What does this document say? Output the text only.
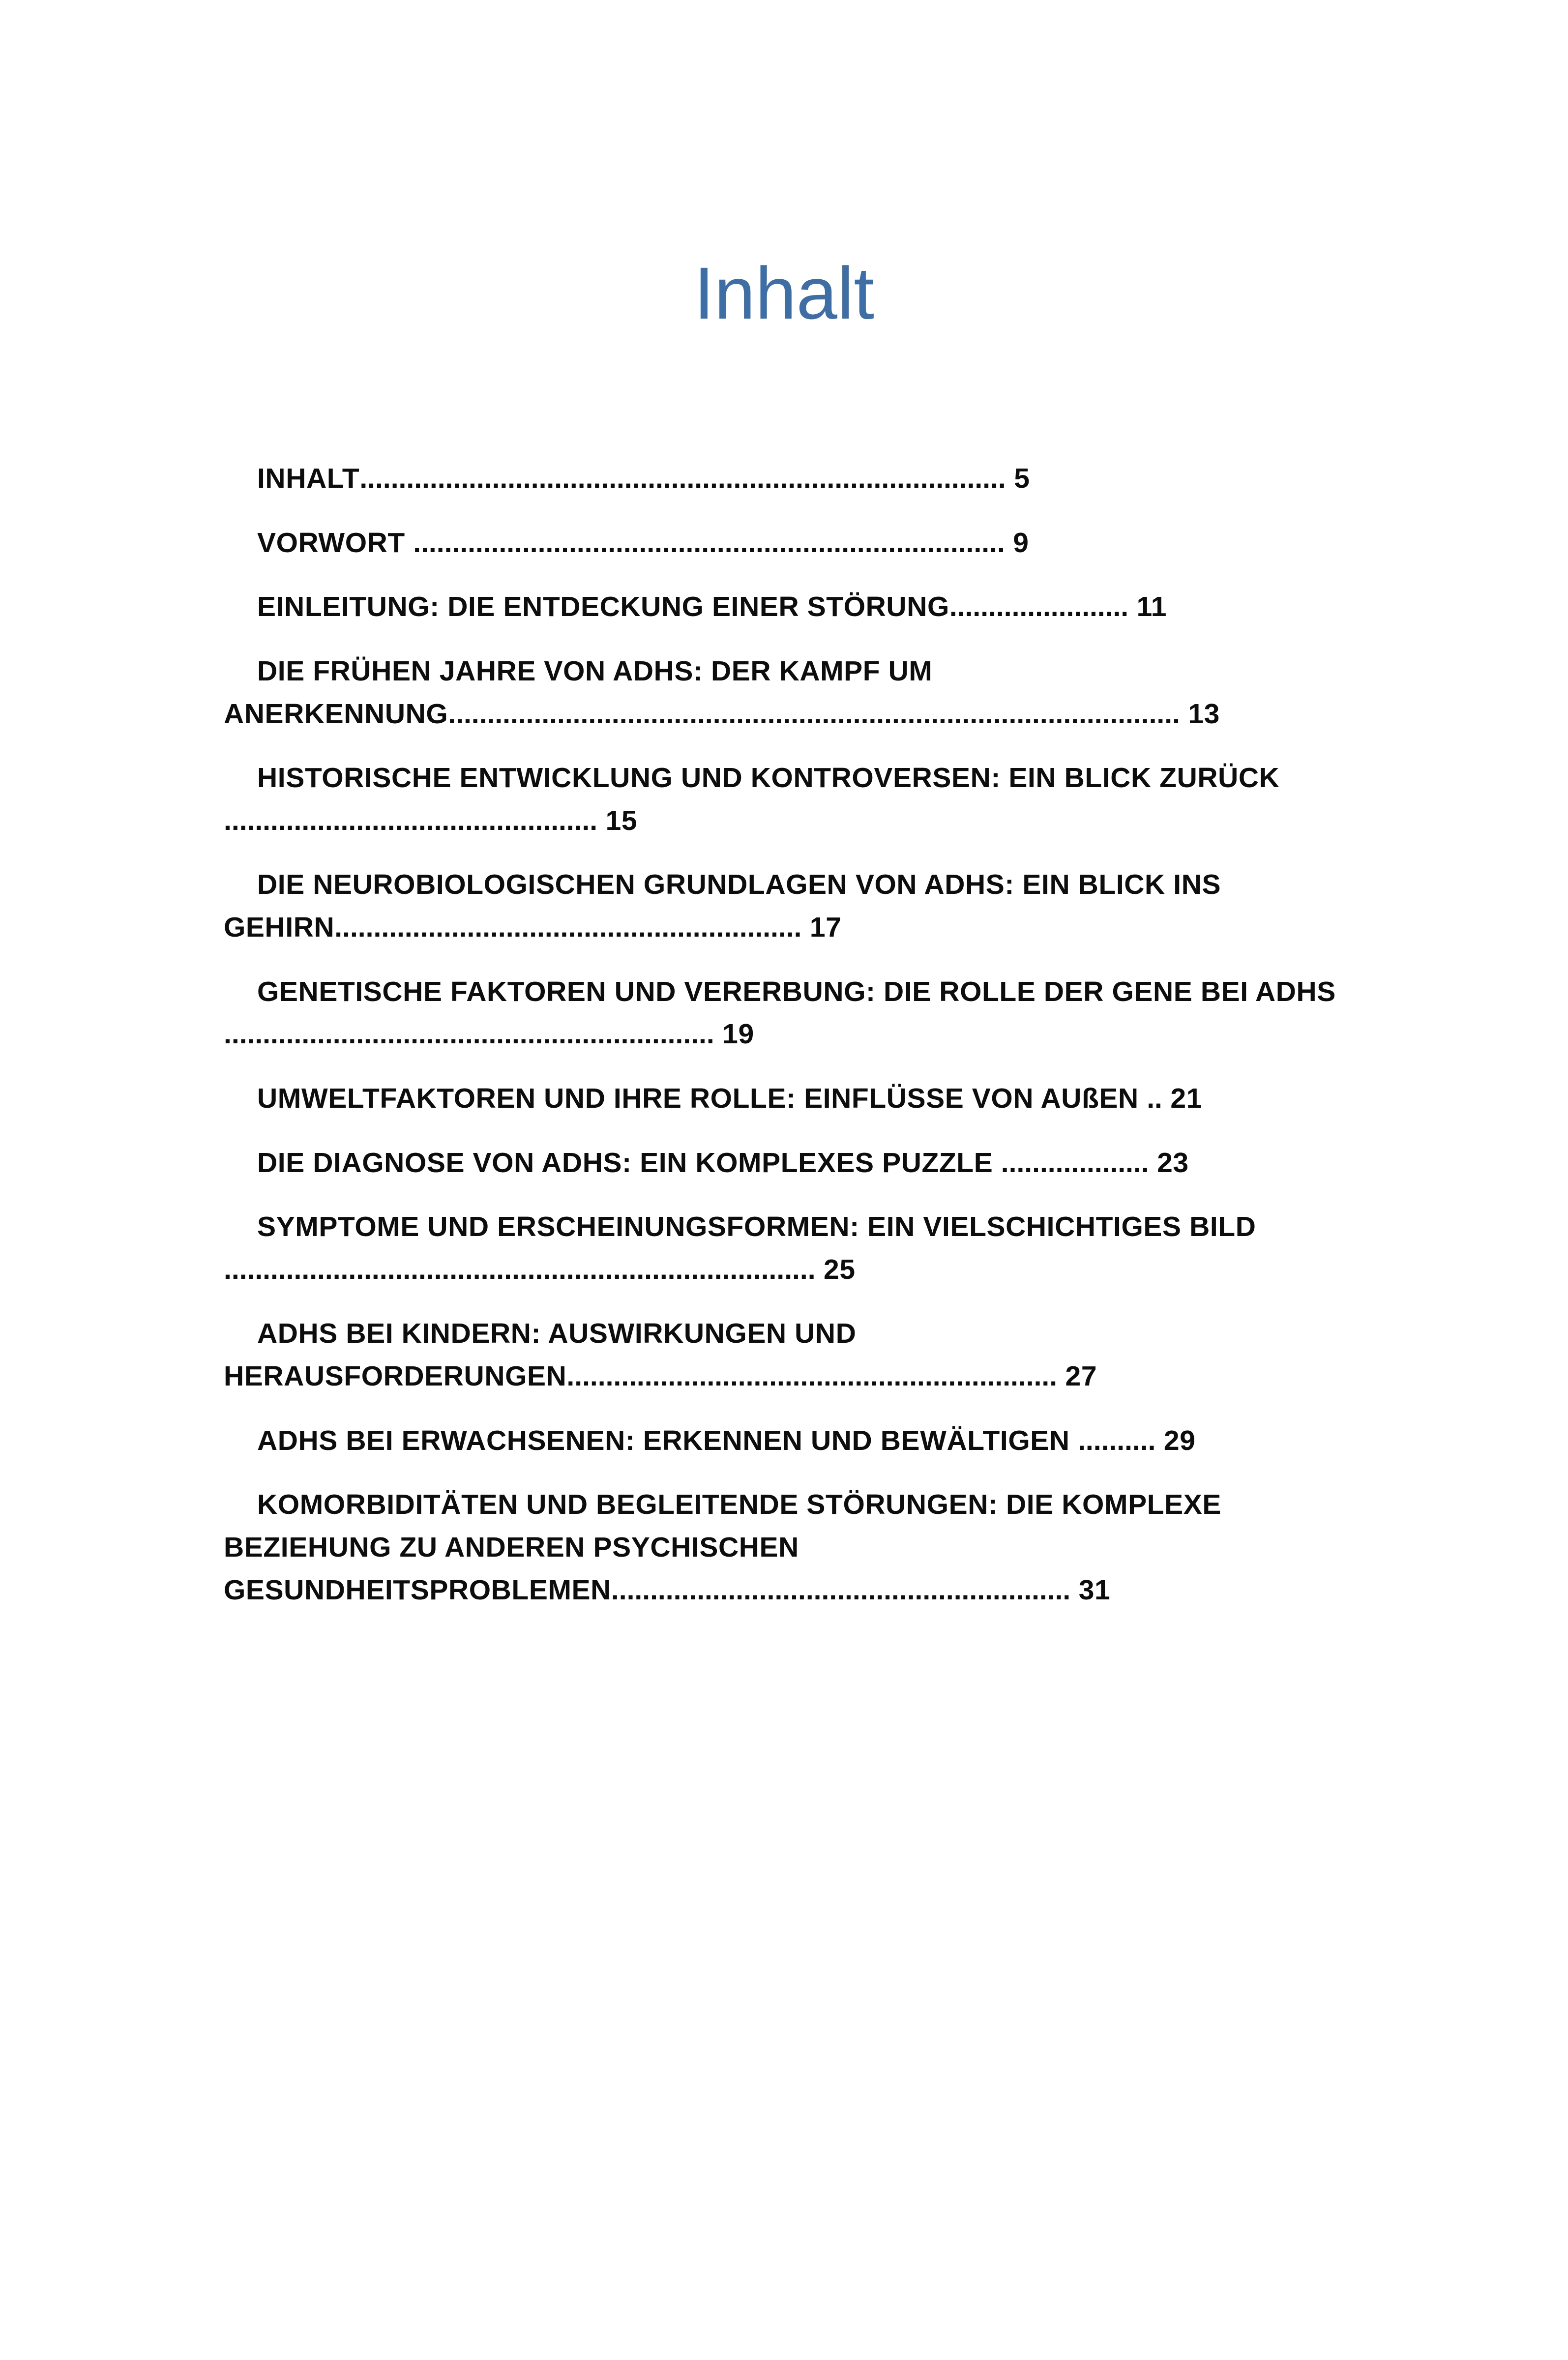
Inhalt
INHALT................................................................................... 5
VORWORT ............................................................................ 9
EINLEITUNG: DIE ENTDECKUNG EINER STÖRUNG....................... 11
DIE FRÜHEN JAHRE VON ADHS: DER KAMPF UM ANERKENNUNG.............................................................................................. 13
HISTORISCHE ENTWICKLUNG UND KONTROVERSEN: EIN BLICK ZURÜCK ................................................ 15
DIE NEUROBIOLOGISCHEN GRUNDLAGEN VON ADHS: EIN BLICK INS GEHIRN............................................................ 17
GENETISCHE FAKTOREN UND VERERBUNG: DIE ROLLE DER GENE BEI ADHS ............................................................... 19
UMWELTFAKTOREN UND IHRE ROLLE: EINFLÜSSE VON AUßEN .. 21
DIE DIAGNOSE VON ADHS: EIN KOMPLEXES PUZZLE ................... 23
SYMPTOME UND ERSCHEINUNGSFORMEN: EIN VIELSCHICHTIGES BILD ............................................................................ 25
ADHS BEI KINDERN: AUSWIRKUNGEN UND HERAUSFORDERUNGEN............................................................... 27
ADHS BEI ERWACHSENEN: ERKENNEN UND BEWÄLTIGEN .......... 29
KOMORBIDITÄTEN UND BEGLEITENDE STÖRUNGEN: DIE KOMPLEXE BEZIEHUNG ZU ANDEREN PSYCHISCHEN GESUNDHEITSPROBLEMEN........................................................... 31
